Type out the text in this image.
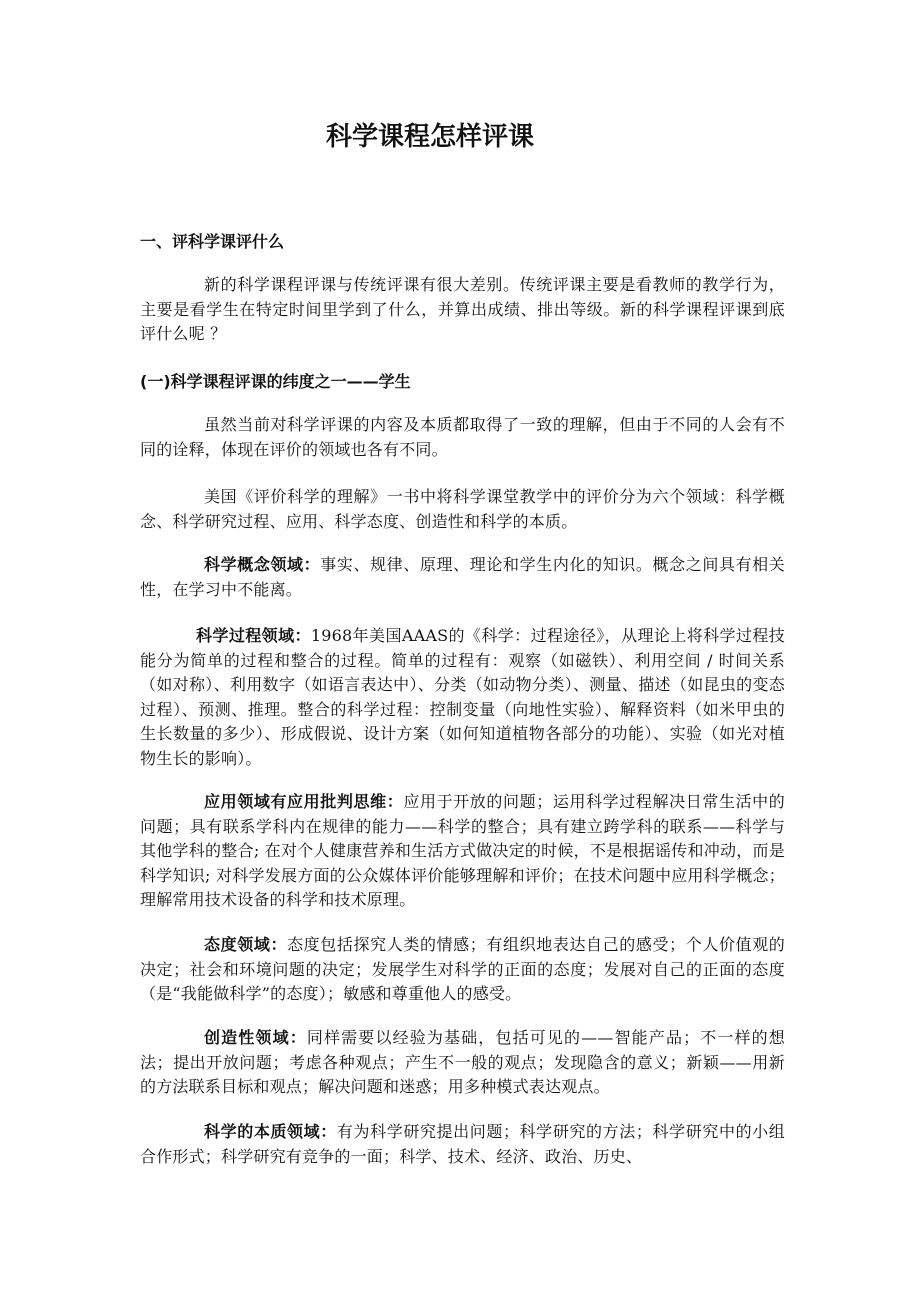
科学课程怎样评课
一、评科学课评什么
新的科学课程评课与传统评课有很大差别。传统评课主要是看教师的教学行为，主要是看学生在特定时间里学到了什么，并算出成绩、排出等级。新的科学课程评课到底评什么呢 ？
(一)科学课程评课的纬度之一——学生
虽然当前对科学评课的内容及本质都取得了一致的理解，但由于不同的人会有不同的诠释，体现在评价的领域也各有不同。
美国《评价科学的理解》一书中将科学课堂教学中的评价分为六个领域：科学概念、科学研究过程、应用、科学态度、创造性和科学的本质。
科学概念领域：事实、规律、原理、理论和学生内化的知识。概念之间具有相关性，在学习中不能离。
科学过程领域：1968年美国AAAS的《科学：过程途径》，从理论上将科学过程技能分为简单的过程和整合的过程。简单的过程有：观察（如磁铁）、利用空间 / 时间关系（如对称）、利用数字（如语言表达中）、分类（如动物分类）、测量、描述（如昆虫的变态过程）、预测、推理。整合的科学过程：控制变量（向地性实验）、解释资料（如米甲虫的生长数量的多少）、形成假说、设计方案（如何知道植物各部分的功能）、实验（如光对植物生长的影响）。
应用领域有应用批判思维：应用于开放的问题；运用科学过程解决日常生活中的问题；具有联系学科内在规律的能力——科学的整合；具有建立跨学科的联系——科学与其他学科的整合; 在对个人健康营养和生活方式做决定的时候，不是根据谣传和冲动，而是科学知识; 对科学发展方面的公众媒体评价能够理解和评价；在技术问题中应用科学概念；理解常用技术设备的科学和技术原理。
态度领域：态度包括探究人类的情感；有组织地表达自己的感受；个人价值观的决定；社会和环境问题的决定；发展学生对科学的正面的态度；发展对自己的正面的态度（是“我能做科学”的态度）；敏感和尊重他人的感受。
创造性领域：同样需要以经验为基础，包括可见的——智能产品；不一样的想法；提出开放问题；考虑各种观点；产生不一般的观点；发现隐含的意义；新颖——用新的方法联系目标和观点；解决问题和迷惑；用多种模式表达观点。
科学的本质领域：有为科学研究提出问题；科学研究的方法；科学研究中的小组合作形式；科学研究有竞争的一面；科学、技术、经济、政治、历史、
